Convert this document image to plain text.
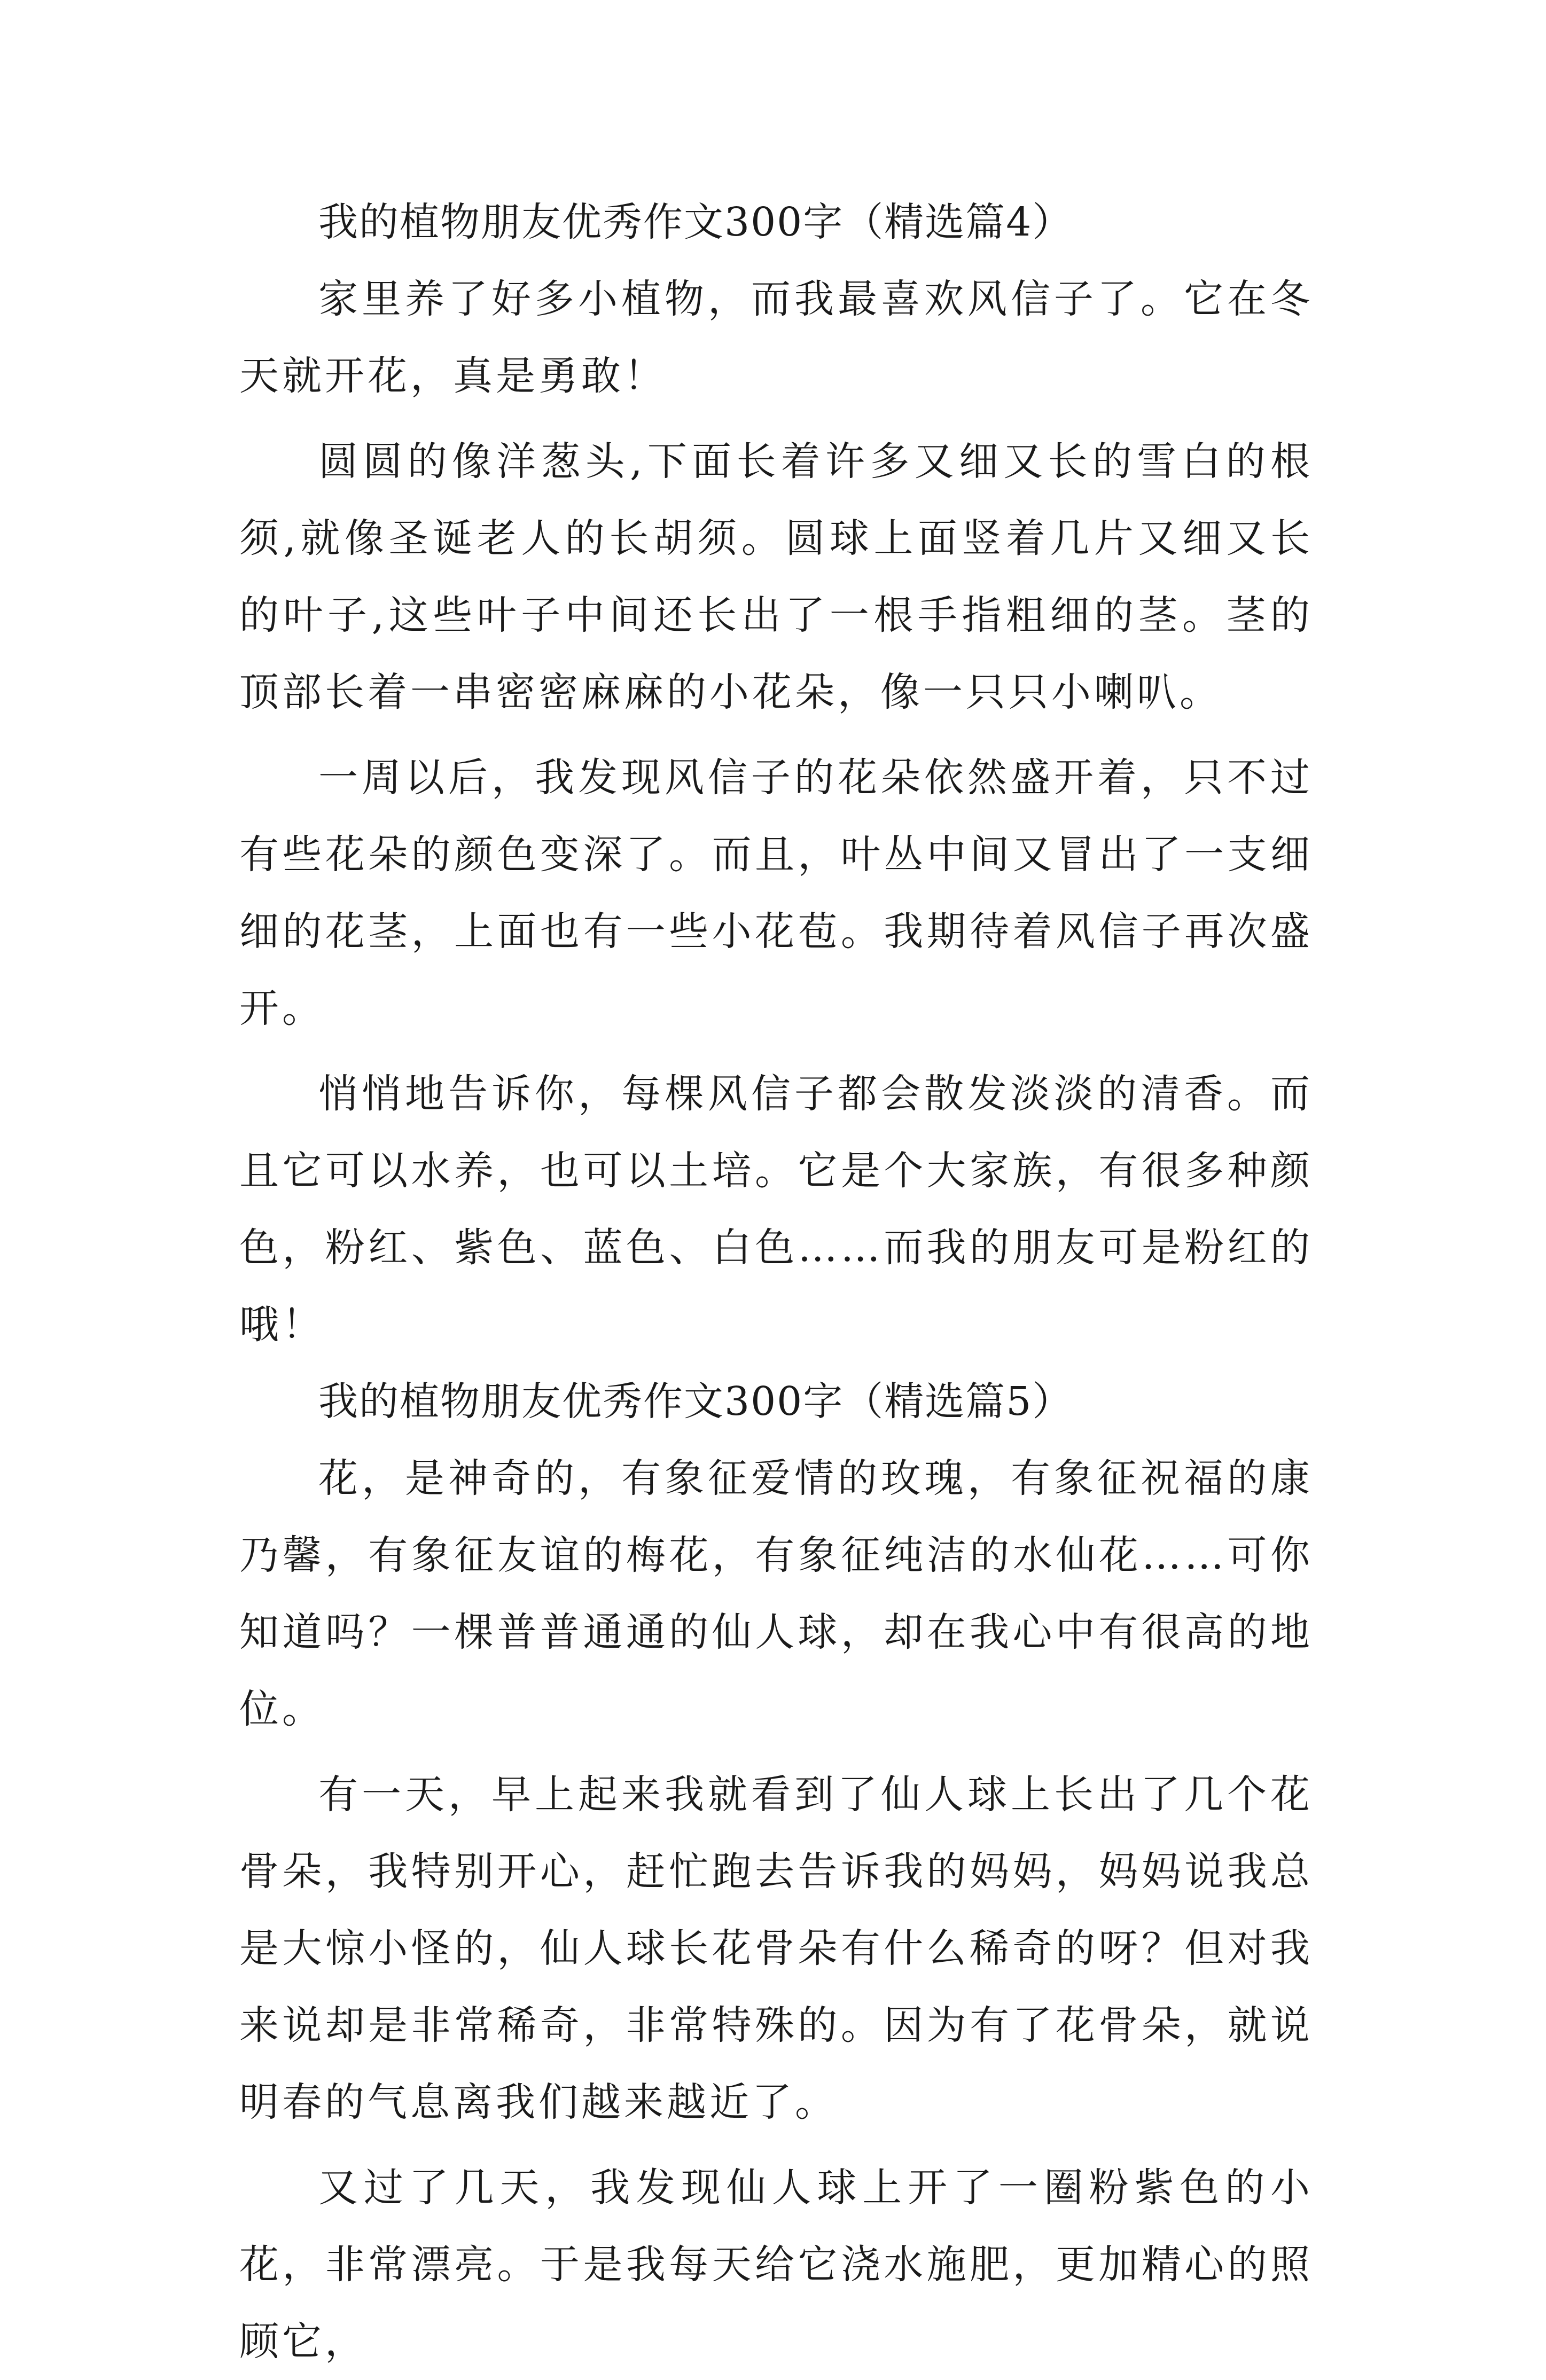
我的植物朋友优秀作文300字（精选篇4）

家里养了好多小植物，而我最喜欢风信子了。它在冬天就开花，真是勇敢！

圆圆的像洋葱头,下面长着许多又细又长的雪白的根须,就像圣诞老人的长胡须。圆球上面竖着几片又细又长的叶子,这些叶子中间还长出了一根手指粗细的茎。茎的顶部长着一串密密麻麻的小花朵，像一只只小喇叭。

一周以后，我发现风信子的花朵依然盛开着，只不过有些花朵的颜色变深了。而且，叶丛中间又冒出了一支细细的花茎，上面也有一些小花苞。我期待着风信子再次盛开。

悄悄地告诉你，每棵风信子都会散发淡淡的清香。而且它可以水养，也可以土培。它是个大家族，有很多种颜色，粉红、紫色、蓝色、白色……而我的朋友可是粉红的哦！

我的植物朋友优秀作文300字（精选篇5）

花，是神奇的，有象征爱情的玫瑰，有象征祝福的康乃馨，有象征友谊的梅花，有象征纯洁的水仙花……可你知道吗？一棵普普通通的仙人球，却在我心中有很高的地位。

有一天，早上起来我就看到了仙人球上长出了几个花骨朵，我特别开心，赶忙跑去告诉我的妈妈，妈妈说我总是大惊小怪的，仙人球长花骨朵有什么稀奇的呀？但对我来说却是非常稀奇，非常特殊的。因为有了花骨朵，就说明春的气息离我们越来越近了。

又过了几天，我发现仙人球上开了一圈粉紫色的小花，非常漂亮。于是我每天给它浇水施肥，更加精心的照顾它，
